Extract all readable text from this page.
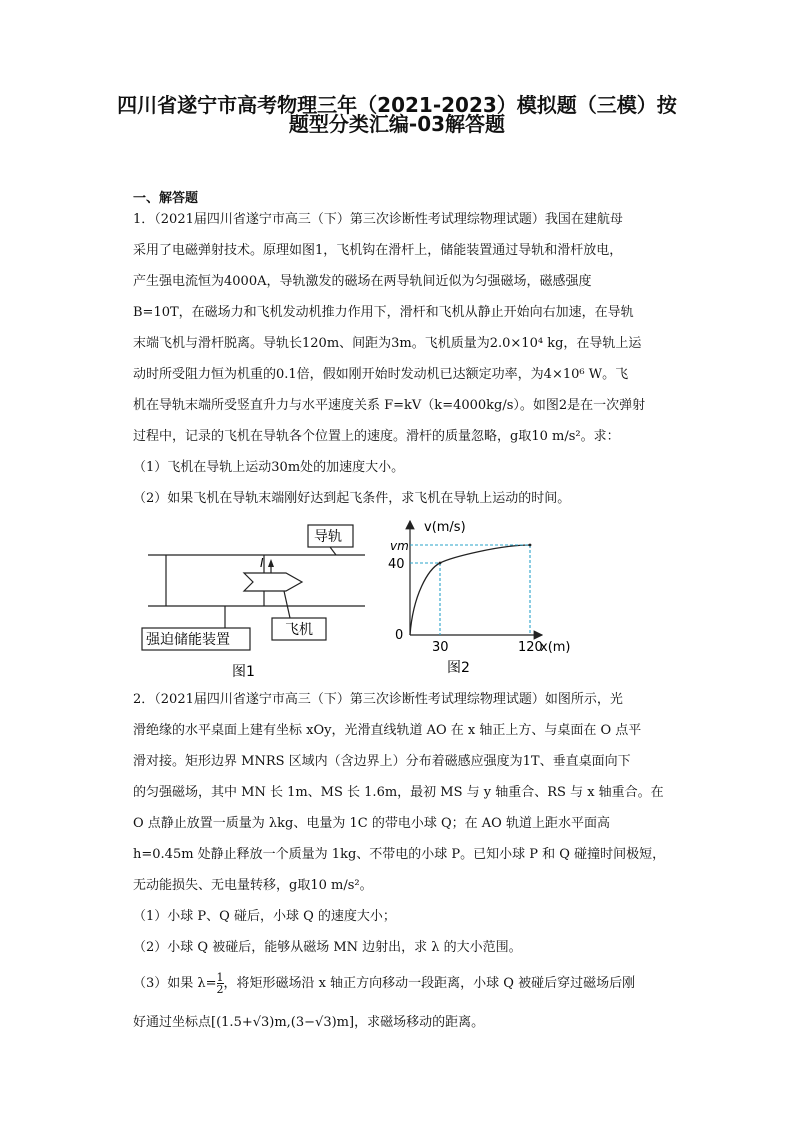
四川省遂宁市高考物理三年（2021-2023）模拟题（三模）按
题型分类汇编-03解答题
一、解答题
1．（2021届四川省遂宁市高三（下）第三次诊断性考试理综物理试题）我国在建航母
采用了电磁弹射技术。原理如图1，飞机钩在滑杆上，储能装置通过导轨和滑杆放电，
产生强电流恒为4000A，导轨激发的磁场在两导轨间近似为匀强磁场，磁感强度
B=10T，在磁场力和飞机发动机推力作用下，滑杆和飞机从静止开始向右加速，在导轨
末端飞机与滑杆脱离。导轨长120m、间距为3m。飞机质量为2.0×10⁴ kg，在导轨上运
动时所受阻力恒为机重的0.1倍，假如刚开始时发动机已达额定功率，为4×10⁶ W。飞
机在导轨末端所受竖直升力与水平速度关系 F=kV（k=4000kg/s）。如图2是在一次弹射
过程中，记录的飞机在导轨各个位置上的速度。滑杆的质量忽略，g取10 m/s²。求：
（1）飞机在导轨上运动30m处的加速度大小。
（2）如果飞机在导轨末端刚好达到起飞条件，求飞机在导轨上运动的时间。
I
导轨
强迫储能装置
飞机
图1
v(m/s)
x(m)
0
40
30	120
vm
图2
2．（2021届四川省遂宁市高三（下）第三次诊断性考试理综物理试题）如图所示，光
滑绝缘的水平桌面上建有坐标 xOy，光滑直线轨道 AO 在 x 轴正上方、与桌面在 O 点平
滑对接。矩形边界 MNRS 区域内（含边界上）分布着磁感应强度为1T、垂直桌面向下
的匀强磁场，其中 MN 长 1m、MS 长 1.6m，最初 MS 与 y 轴重合、RS 与 x 轴重合。在
O 点静止放置一质量为 λkg、电量为 1C 的带电小球 Q；在 AO 轨道上距水平面高
h=0.45m 处静止释放一个质量为 1kg、不带电的小球 P。已知小球 P 和 Q 碰撞时间极短，
无动能损失、无电量转移，g取10 m/s²。
（1）小球 P、Q 碰后，小球 Q 的速度大小；
（2）小球 Q 被碰后，能够从磁场 MN 边射出，求 λ 的大小范围。
（3）如果 $\lambda= \frac{1}{2}$ ，将矩形磁场沿 x 轴正方向移动一段距离，小球 Q 被碰后穿过磁场后刚
好通过坐标点[(1.5+√3)m,(3−√3)m]，求磁场移动的距离。
